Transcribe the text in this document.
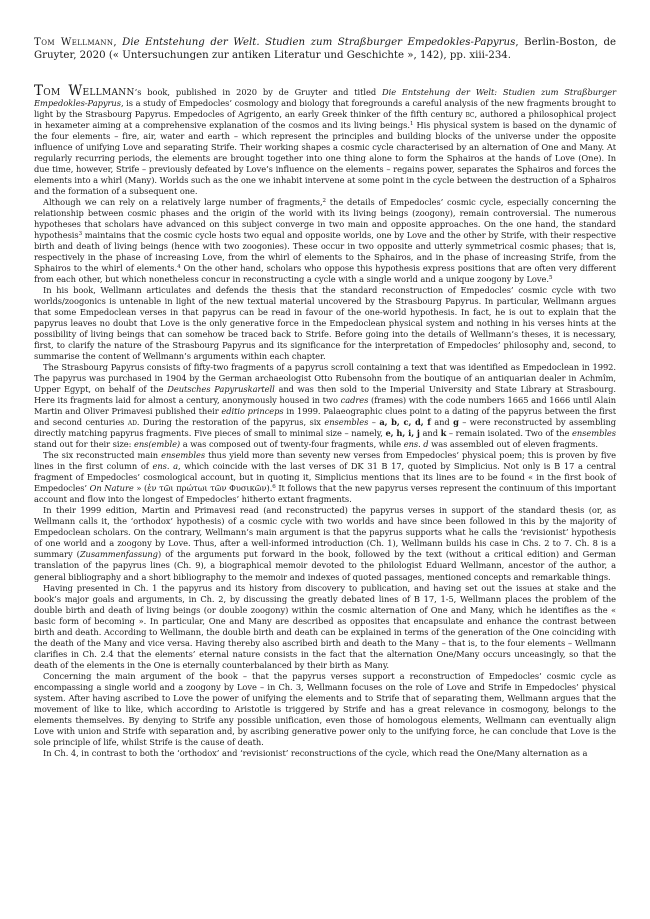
Tom Wellmann, Die Entstehung der Welt. Studien zum Straßburger Empedokles-Papyrus, Berlin-Boston, de Gruyter, 2020 (« Untersuchungen zur antiken Literatur und Geschichte », 142), pp. xiii-234.

Tom Wellmann’s book, published in 2020 by de Gruyter and titled Die Entstehung der Welt: Studien zum Straßburger Empedokles-Papyrus, is a study of Empedocles’ cosmology and biology that foregrounds a careful analysis of the new fragments brought to light by the Strasbourg Papyrus. Empedocles of Agrigento, an early Greek thinker of the fifth century bc, authored a philosophical project in hexameter aiming at a comprehensive explanation of the cosmos and its living beings.$^1$ His physical system is based on the dynamic of the four elements – fire, air, water and earth – which represent the principles and building blocks of the universe under the opposite influence of unifying Love and separating Strife. Their working shapes a cosmic cycle characterised by an alternation of One and Many. At regularly recurring periods, the elements are brought together into one thing alone to form the Sphairos at the hands of Love (One). In due time, however, Strife – previously defeated by Love’s influence on the elements – regains power, separates the Sphairos and forces the elements into a whirl (Many). Worlds such as the one we inhabit intervene at some point in the cycle between the destruction of a Sphairos and the formation of a subsequent one.

Although we can rely on a relatively large number of fragments,$^2$ the details of Empedocles’ cosmic cycle, especially concerning the relationship between cosmic phases and the origin of the world with its living beings (zoogony), remain controversial. The numerous hypotheses that scholars have advanced on this subject converge in two main and opposite approaches. On the one hand, the standard hypothesis$^3$ maintains that the cosmic cycle hosts two equal and opposite worlds, one by Love and the other by Strife, with their respective birth and death of living beings (hence with two zoogonies). These occur in two opposite and utterly symmetrical cosmic phases; that is, respectively in the phase of increasing Love, from the whirl of elements to the Sphairos, and in the phase of increasing Strife, from the Sphairos to the whirl of elements.$^4$ On the other hand, scholars who oppose this hypothesis express positions that are often very different from each other, but which nonetheless concur in reconstructing a cycle with a single world and a unique zoogony by Love.$^5$

In his book, Wellmann articulates and defends the thesis that the standard reconstruction of Empedocles’ cosmic cycle with two worlds/zoogonics is untenable in light of the new textual material uncovered by the Strasbourg Papyrus. In particular, Wellmann argues that some Empedoclean verses in that papyrus can be read in favour of the one-world hypothesis. In fact, he is out to explain that the papyrus leaves no doubt that Love is the only generative force in the Empedoclean physical system and nothing in his verses hints at the possibility of living beings that can somehow be traced back to Strife. Before going into the details of Wellmann’s theses, it is necessary, first, to clarify the nature of the Strasbourg Papyrus and its significance for the interpretation of Empedocles’ philosophy and, second, to summarise the content of Wellmann’s arguments within each chapter.

The Strasbourg Papyrus consists of fifty-two fragments of a papyrus scroll containing a text that was identified as Empedoclean in 1992. The papyrus was purchased in 1904 by the German archaeologist Otto Rubensohn from the boutique of an antiquarian dealer in Achmîm, Upper Egypt, on behalf of the Deutsches Papyruskartell and was then sold to the Imperial University and State Library at Strasbourg. Here its fragments laid for almost a century, anonymously housed in two cadres (frames) with the code numbers 1665 and 1666 until Alain Martin and Oliver Primavesi published their editio princeps in 1999. Palaeographic clues point to a dating of the papyrus between the first and second centuries ad. During the restoration of the papyrus, six ensembles – a, b, c, d, f and g – were reconstructed by assembling directly matching papyrus fragments. Five pieces of small to minimal size – namely, e, h, i, j and k – remain isolated. Two of the ensembles stand out for their size: ens(emble) a was composed out of twenty-four fragments, while ens. d was assembled out of eleven fragments.

The six reconstructed main ensembles thus yield more than seventy new verses from Empedocles’ physical poem; this is proven by five lines in the first column of ens. a, which coincide with the last verses of DK 31 B 17, quoted by Simplicius. Not only is B 17 a central fragment of Empedocles’ cosmological account, but in quoting it, Simplicius mentions that its lines are to be found « in the first book of Empedocles’ On Nature » (ἐν τῶι πρώτωι τῶν Φυσικῶν).$^6$ It follows that the new papyrus verses represent the continuum of this important account and flow into the longest of Empedocles’ hitherto extant fragments.

In their 1999 edition, Martin and Primavesi read (and reconstructed) the papyrus verses in support of the standard thesis (or, as Wellmann calls it, the ‘orthodox’ hypothesis) of a cosmic cycle with two worlds and have since been followed in this by the majority of Empedoclean scholars. On the contrary, Wellmann’s main argument is that the papyrus supports what he calls the ‘revisionist’ hypothesis of one world and a zoogony by Love. Thus, after a well-informed introduction (Ch. 1), Wellmann builds his case in Chs. 2 to 7. Ch. 8 is a summary (Zusammenfassung) of the arguments put forward in the book, followed by the text (without a critical edition) and German translation of the papyrus lines (Ch. 9), a biographical memoir devoted to the philologist Eduard Wellmann, ancestor of the author, a general bibliography and a short bibliography to the memoir and indexes of quoted passages, mentioned concepts and remarkable things.

Having presented in Ch. 1 the papyrus and its history from discovery to publication, and having set out the issues at stake and the book’s major goals and arguments, in Ch. 2, by discussing the greatly debated lines of B 17, 1-5, Wellmann places the problem of the double birth and death of living beings (or double zoogony) within the cosmic alternation of One and Many, which he identifies as the « basic form of becoming ». In particular, One and Many are described as opposites that encapsulate and enhance the contrast between birth and death. According to Wellmann, the double birth and death can be explained in terms of the generation of the One coinciding with the death of the Many and vice versa. Having thereby also ascribed birth and death to the Many – that is, to the four elements – Wellmann clarifies in Ch. 2.4 that the elements’ eternal nature consists in the fact that the alternation One/Many occurs unceasingly, so that the death of the elements in the One is eternally counterbalanced by their birth as Many.

Concerning the main argument of the book – that the papyrus verses support a reconstruction of Empedocles’ cosmic cycle as encompassing a single world and a zoogony by Love – in Ch. 3, Wellmann focuses on the role of Love and Strife in Empedocles’ physical system. After having ascribed to Love the power of unifying the elements and to Strife that of separating them, Wellmann argues that the movement of like to like, which according to Aristotle is triggered by Strife and has a great relevance in cosmogony, belongs to the elements themselves. By denying to Strife any possible unification, even those of homologous elements, Wellmann can eventually align Love with union and Strife with separation and, by ascribing generative power only to the unifying force, he can conclude that Love is the sole principle of life, whilst Strife is the cause of death.

In Ch. 4, in contrast to both the ‘orthodox’ and ‘revisionist’ reconstructions of the cycle, which read the One/Many alternation as a
